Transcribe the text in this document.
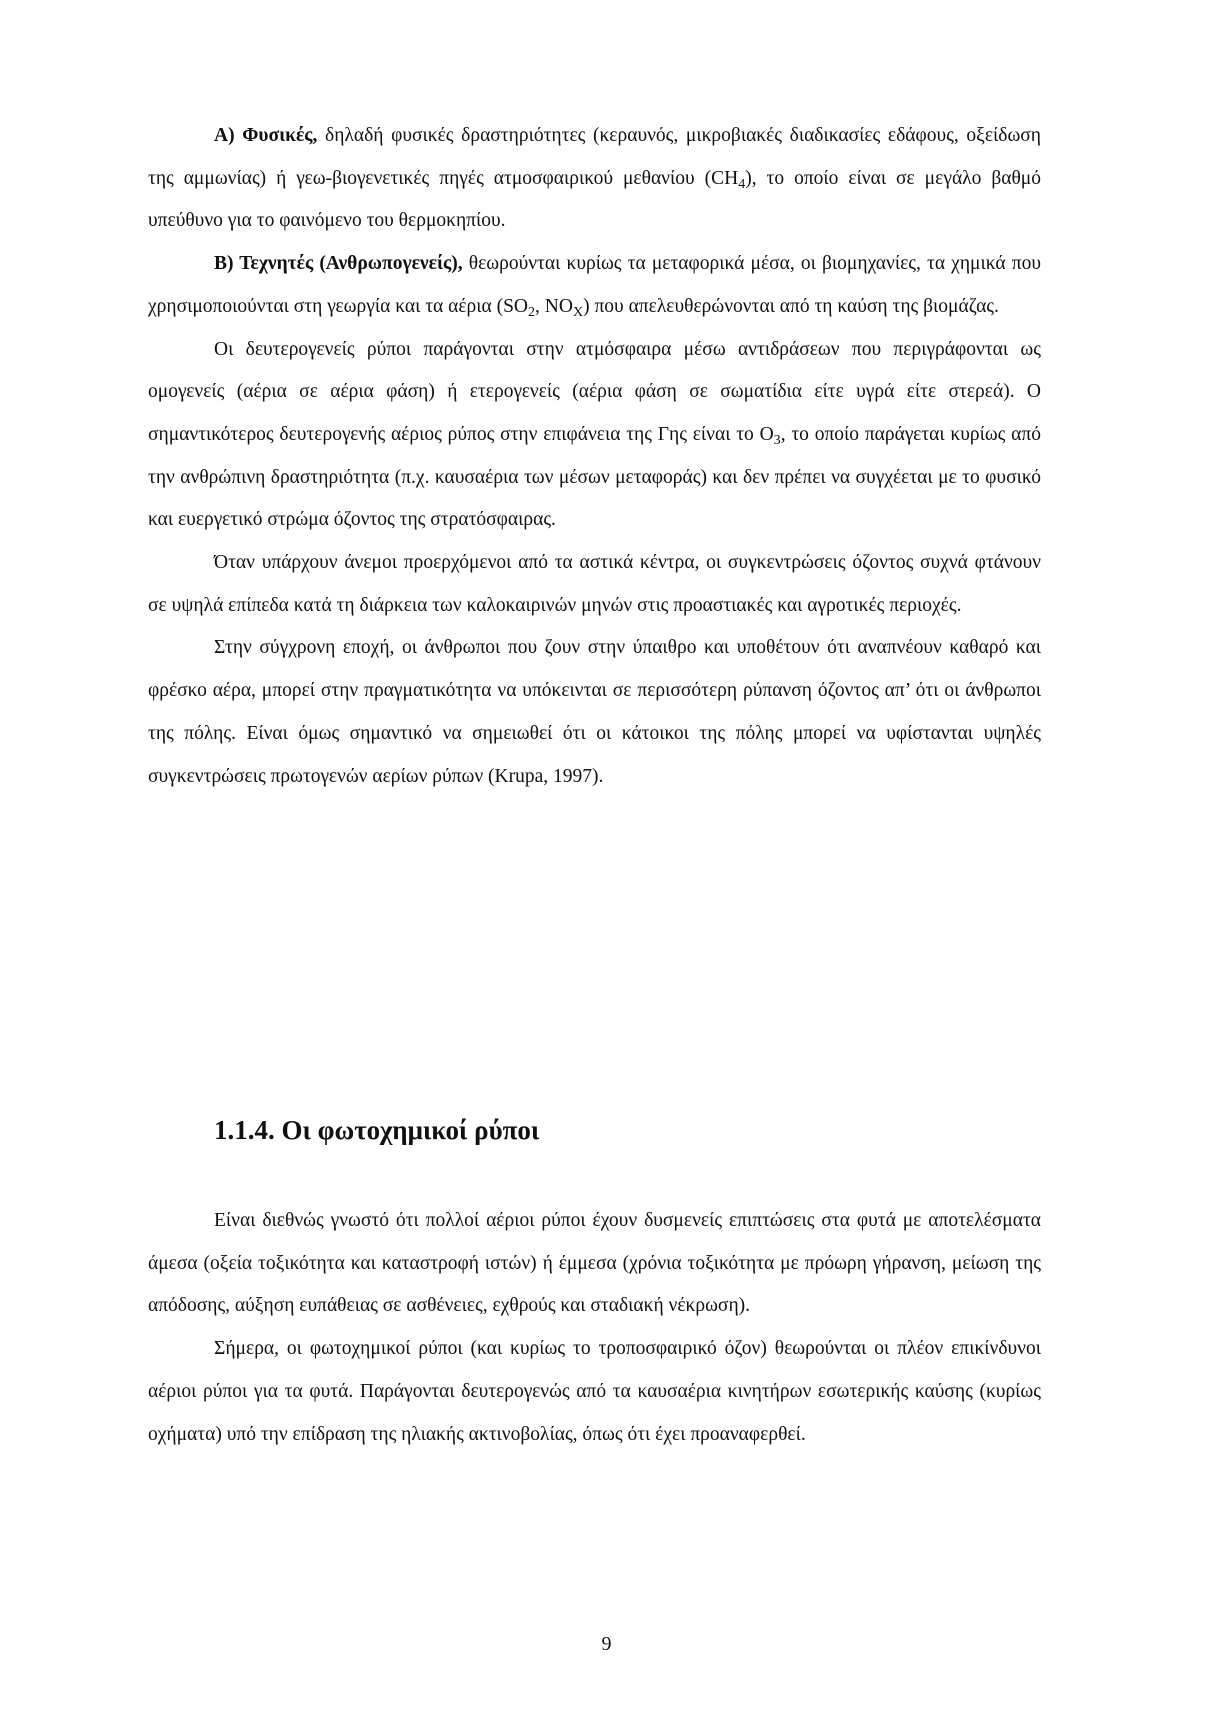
Α) Φυσικές, δηλαδή φυσικές δραστηριότητες (κεραυνός, μικροβιακές διαδικασίες εδάφους, οξείδωση της αμμωνίας) ή γεω-βιογενετικές πηγές ατμοσφαιρικού μεθανίου $(CH_4)$, το οποίο είναι σε μεγάλο βαθμό υπεύθυνο για το φαινόμενο του θερμοκηπίου.

Β) Τεχνητές (Ανθρωπογενείς), θεωρούνται κυρίως τα μεταφορικά μέσα, οι βιομηχανίες, τα χημικά που χρησιμοποιούνται στη γεωργία και τα αέρια ($SO_2$, $NO_X$) που απελευθερώνονται από τη καύση της βιομάζας.

Οι δευτερογενείς ρύποι παράγονται στην ατμόσφαιρα μέσω αντιδράσεων που περιγράφονται ως ομογενείς (αέρια σε αέρια φάση) ή ετερογενείς (αέρια φάση σε σωματίδια είτε υγρά είτε στερεά). Ο σημαντικότερος δευτερογενής αέριος ρύπος στην επιφάνεια της Γης είναι το $O_3$, το οποίο παράγεται κυρίως από την ανθρώπινη δραστηριότητα (π.χ. καυσαέρια των μέσων μεταφοράς) και δεν πρέπει να συγχέεται με το φυσικό και ευεργετικό στρώμα όζοντος της στρατόσφαιρας.

Όταν υπάρχουν άνεμοι προερχόμενοι από τα αστικά κέντρα, οι συγκεντρώσεις όζοντος συχνά φτάνουν σε υψηλά επίπεδα κατά τη διάρκεια των καλοκαιρινών μηνών στις προαστιακές και αγροτικές περιοχές.

Στην σύγχρονη εποχή, οι άνθρωποι που ζουν στην ύπαιθρο και υποθέτουν ότι αναπνέουν καθαρό και φρέσκο αέρα, μπορεί στην πραγματικότητα να υπόκεινται σε περισσότερη ρύπανση όζοντος απ’ ότι οι άνθρωποι της πόλης. Είναι όμως σημαντικό να σημειωθεί ότι οι κάτοικοι της πόλης μπορεί να υφίστανται υψηλές συγκεντρώσεις πρωτογενών αερίων ρύπων (Krupa, 1997).

1.1.4. Οι φωτοχημικοί ρύποι

Είναι διεθνώς γνωστό ότι πολλοί αέριοι ρύποι έχουν δυσμενείς επιπτώσεις στα φυτά με αποτελέσματα άμεσα (οξεία τοξικότητα και καταστροφή ιστών) ή έμμεσα (χρόνια τοξικότητα με πρόωρη γήρανση, μείωση της απόδοσης, αύξηση ευπάθειας σε ασθένειες, εχθρούς και σταδιακή νέκρωση).

Σήμερα, οι φωτοχημικοί ρύποι (και κυρίως το τροποσφαιρικό όζον) θεωρούνται οι πλέον επικίνδυνοι αέριοι ρύποι για τα φυτά. Παράγονται δευτερογενώς από τα καυσαέρια κινητήρων εσωτερικής καύσης (κυρίως οχήματα) υπό την επίδραση της ηλιακής ακτινοβολίας, όπως ότι έχει προαναφερθεί.

9
